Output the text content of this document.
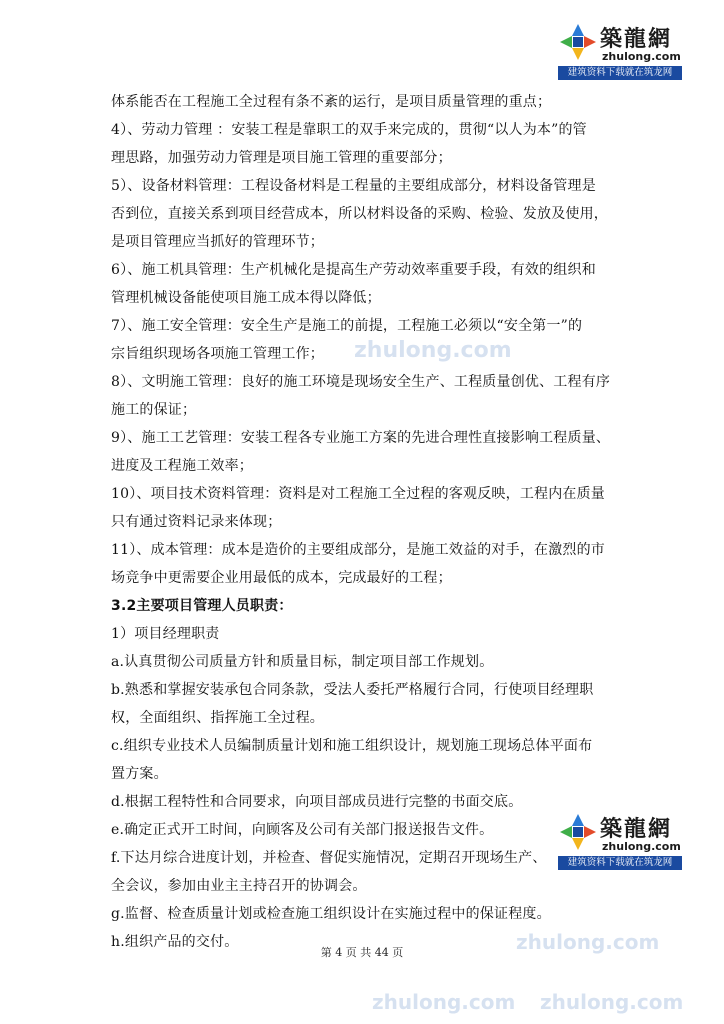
zhulong.com
zhulong.com
zhulong.com zhulong.com
築龍網
zhulong.com
建筑资料下载就在筑龙网
築龍網
zhulong.com
建筑资料下载就在筑龙网
体系能否在工程施工全过程有条不紊的运行，是项目质量管理的重点；
4）、劳动力管理 ：安装工程是靠职工的双手来完成的，贯彻“以人为本”的管
理思路，加强劳动力管理是项目施工管理的重要部分；
5）、设备材料管理：工程设备材料是工程量的主要组成部分，材料设备管理是
否到位，直接关系到项目经营成本，所以材料设备的采购、检验、发放及使用，
是项目管理应当抓好的管理环节；
6）、施工机具管理：生产机械化是提高生产劳动效率重要手段，有效的组织和
管理机械设备能使项目施工成本得以降低；
7）、施工安全管理：安全生产是施工的前提，工程施工必须以“安全第一”的
宗旨组织现场各项施工管理工作；
8）、文明施工管理：良好的施工环境是现场安全生产、工程质量创优、工程有序
施工的保证；
9）、施工工艺管理：安装工程各专业施工方案的先进合理性直接影响工程质量、
进度及工程施工效率；
10）、项目技术资料管理：资料是对工程施工全过程的客观反映，工程内在质量
只有通过资料记录来体现；
11）、成本管理：成本是造价的主要组成部分，是施工效益的对手，在激烈的市
场竞争中更需要企业用最低的成本，完成最好的工程；
3.2主要项目管理人员职责：
1）项目经理职责
a.认真贯彻公司质量方针和质量目标，制定项目部工作规划。
b.熟悉和掌握安装承包合同条款，受法人委托严格履行合同，行使项目经理职
权，全面组织、指挥施工全过程。
c.组织专业技术人员编制质量计划和施工组织设计，规划施工现场总体平面布
置方案。
d.根据工程特性和合同要求，向项目部成员进行完整的书面交底。
e.确定正式开工时间，向顾客及公司有关部门报送报告文件。
f.下达月综合进度计划，并检查、督促实施情况，定期召开现场生产、
全会议，参加由业主主持召开的协调会。
g.监督、检查质量计划或检查施工组织设计在实施过程中的保证程度。
h.组织产品的交付。
第 4 页 共 44 页
